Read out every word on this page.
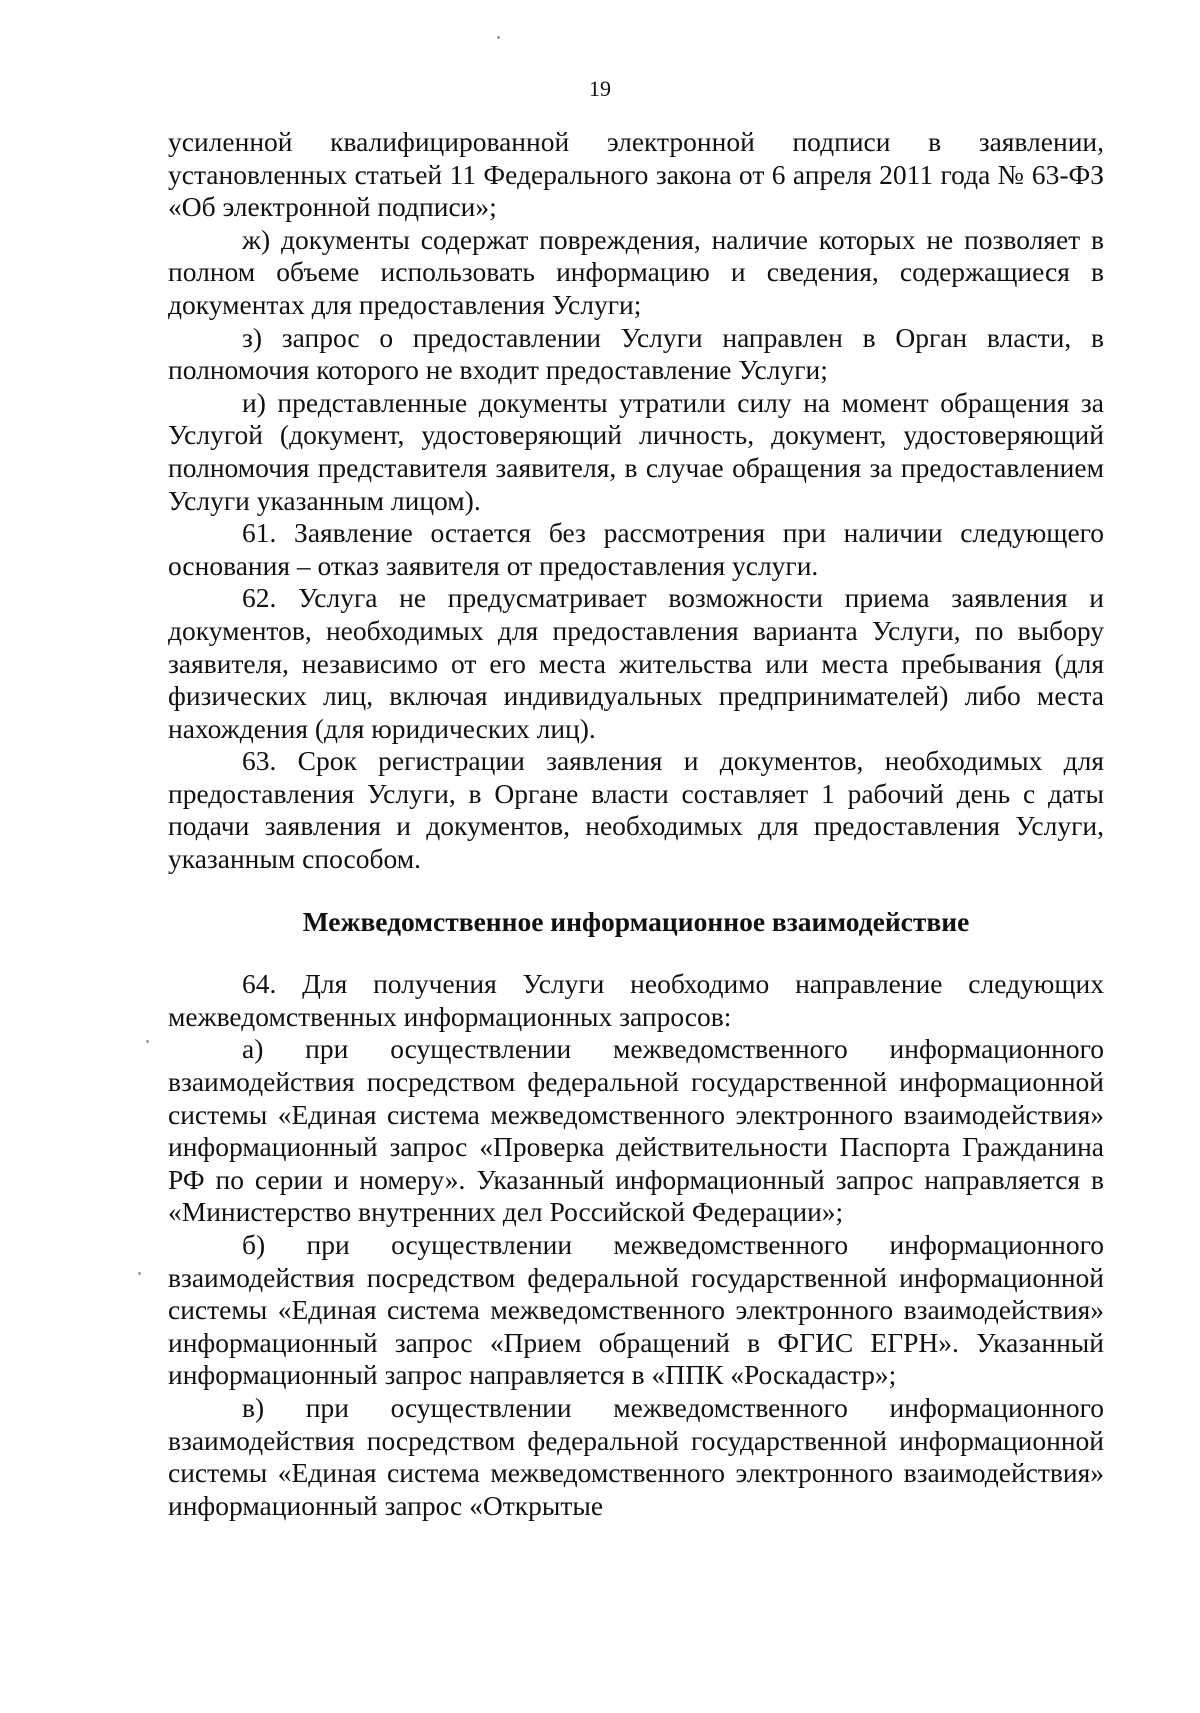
19

усиленной квалифицированной электронной подписи в заявлении, установленных статьей 11 Федерального закона от 6 апреля 2011 года № 63-ФЗ «Об электронной подписи»;

ж) документы содержат повреждения, наличие которых не позволяет в полном объеме использовать информацию и сведения, содержащиеся в документах для предоставления Услуги;

з) запрос о предоставлении Услуги направлен в Орган власти, в полномочия которого не входит предоставление Услуги;

и) представленные документы утратили силу на момент обращения за Услугой (документ, удостоверяющий личность, документ, удостоверяющий полномочия представителя заявителя, в случае обращения за предоставлением Услуги указанным лицом).

61. Заявление остается без рассмотрения при наличии следующего основания – отказ заявителя от предоставления услуги.

62. Услуга не предусматривает возможности приема заявления и документов, необходимых для предоставления варианта Услуги, по выбору заявителя, независимо от его места жительства или места пребывания (для физических лиц, включая индивидуальных предпринимателей) либо места нахождения (для юридических лиц).

63. Срок регистрации заявления и документов, необходимых для предоставления Услуги, в Органе власти составляет 1 рабочий день с даты подачи заявления и документов, необходимых для предоставления Услуги, указанным способом.

Межведомственное информационное взаимодействие

64. Для получения Услуги необходимо направление следующих межведомственных информационных запросов:

а) при осуществлении межведомственного информационного взаимодействия посредством федеральной государственной информационной системы «Единая система межведомственного электронного взаимодействия» информационный запрос «Проверка действительности Паспорта Гражданина РФ по серии и номеру». Указанный информационный запрос направляется в «Министерство внутренних дел Российской Федерации»;

б) при осуществлении межведомственного информационного взаимодействия посредством федеральной государственной информационной системы «Единая система межведомственного электронного взаимодействия» информационный запрос «Прием обращений в ФГИС ЕГРН». Указанный информационный запрос направляется в «ППК «Роскадастр»;

в) при осуществлении межведомственного информационного взаимодействия посредством федеральной государственной информационной системы «Единая система межведомственного электронного взаимодействия» информационный запрос «Открытые
